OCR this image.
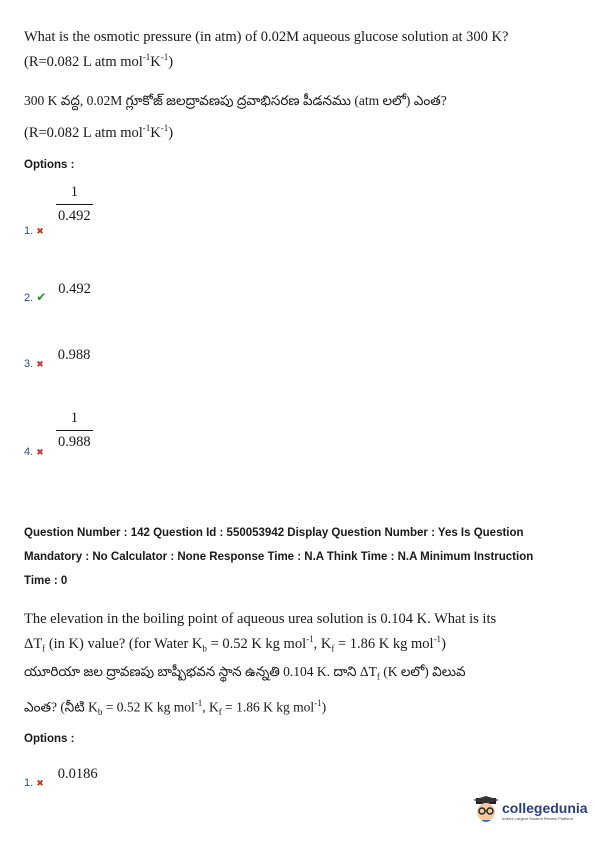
What is the osmotic pressure (in atm) of 0.02M aqueous glucose solution at 300 K?
(R=0.082 L atm $mol^{-1}K^{-1}$)
300 K వద్ద, 0.02M గ్లూకోజ్ జలద్రావణపు ద్రవాభిసరణ పీడనము (atm లలో) ఎంత?
(R=0.082 L atm $mol^{-1}K^{-1}$)
Options :
1. ✖
$\frac{1}{0.492}$
$_{2. ✔}$ 0.492
$_{3. ✖}$ 0.988
4. ✖
$\frac{1}{0.988}$
Question Number : 142 Question Id : 550053942 Display Question Number : Yes Is Question
Mandatory : No Calculator : None Response Time : N.A Think Time : N.A Minimum Instruction
Time : 0
The elevation in the boiling point of aqueous urea solution is 0.104 K. What is its
$\Delta T_f$ (in K) value? (for Water $K_b = 0.52$ K kg mol$^{-1}$, $K_f = 1.86$ K kg mol$^{-1}$)
యూరియా జల ద్రావణపు బాష్పీభవన స్థాన ఉన్నతి 0.104 K. దాని $\Delta T_f$ (K లలో) విలువ
ఎంత? (నీటి $K_b = 0.52$ K kg mol$^{-1}$, $K_f = 1.86$ K kg mol$^{-1}$)
Options :
$_{1. ✖}$ 0.0186
collegedunia
India's Largest Student Review Platform
